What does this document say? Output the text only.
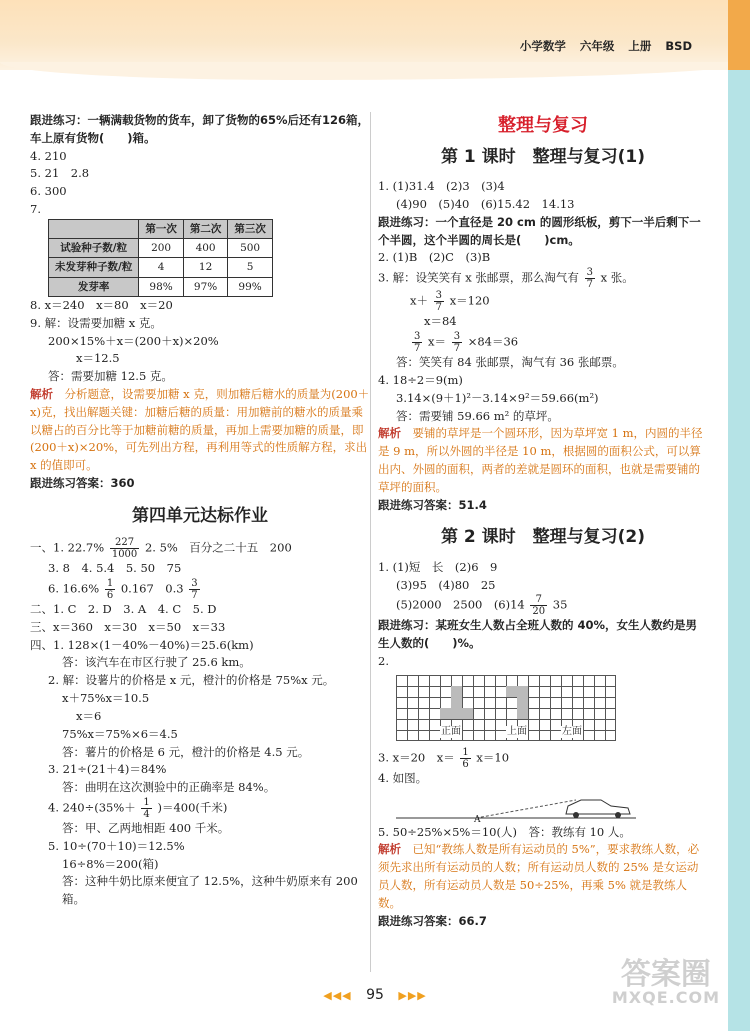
小学数学 六年级 上册 BSD

跟进练习：一辆满载货物的货车，卸了货物的65%后还有126箱，车上原有货物(　　)箱。

4. 210

5. 21　2.8

6. 300

7.

	第一次	第二次	第三次
试验种子数/粒	200	400	500
未发芽种子数/粒	4	12	5
发芽率	98%	97%	99%

8. x＝240　x＝80　x＝20

9. 解：设需要加糖 x 克。

200×15%＋x＝(200＋x)×20%

x＝12.5

答：需要加糖 12.5 克。

解析　 分析题意，设需要加糖 x 克，则加糖后糖水的质量为(200＋x)克，找出解题关键：加糖后糖的质量：用加糖前的糖水的质量乘以糖占的百分比等于加糖前糖的质量，再加上需要加糖的质量，即(200＋x)×20%，可先列出方程，再利用等式的性质解方程，求出 x 的值即可。

跟进练习答案：360

第四单元达标作业

一、1. $22.7\% \frac{227}{1000} 2$. 5%　百分之二十五　200

3. 8　4. 5.4　5. 50　75

6. $16.6\% \frac{1}{6} 0.167$　$0.3 \frac{3}{7}$

二、1. C　2. D　3. A　4. C　5. D

三、x＝360　x＝30　x＝50　x＝33

四、1. 128×(1－40%－40%)＝25.6(km)

答：该汽车在市区行驶了 25.6 km。

2. 解：设薯片的价格是 x 元，橙汁的价格是 75%x 元。

x＋75%x＝10.5

x＝6

75%x＝75%×6＝4.5

答：薯片的价格是 6 元，橙汁的价格是 4.5 元。

3. 21÷(21＋4)＝84%

答：曲明在这次测验中的正确率是 84%。

4. $240\div(35\%+ \frac{1}{4} )=400$(千米)

答：甲、乙两地相距 400 千米。

5. 10÷(70＋10)＝12.5%

16÷8%＝200(箱)

答：这种牛奶比原来便宜了 12.5%，这种牛奶原来有 200 箱。

整理与复习
第 1 课时　整理与复习(1)

1. (1)31.4　(2)3　(3)4

(4)90　(5)40　(6)15.42　14.13

跟进练习：一个直径是 20 cm 的圆形纸板，剪下一半后剩下一个半圆，这个半圆的周长是(　　)cm。

2. (1)B　(2)C　(3)B

3. 解：设笑笑有 x 张邮票，那么淘气有 $\frac{3}{7}$ x 张。

$x+ \frac{3}{7} x=120$

x＝84

$\frac{3}{7} x= \frac{3}{7} \times 84=36$

答：笑笑有 84 张邮票，淘气有 36 张邮票。

4. 18÷2＝9(m)

3.14×(9＋1)²－3.14×9²＝59.66(m²)

答：需要铺 59.66 m² 的草坪。

解析　 要铺的草坪是一个圆环形，因为草坪宽 1 m，内圆的半径是 9 m，所以外圆的半径是 10 m，根据圆的面积公式，可以算出内、外圆的面积，两者的差就是圆环的面积，也就是需要铺的草坪的面积。

跟进练习答案：51.4

第 2 课时　整理与复习(2)

1. (1)短　长　(2)6　9

(3)95　(4)80　25

(5)2000　2500　$(6)14 \frac{7}{20} 35$

跟进练习：某班女生人数占全班人数的 40%，女生人数约是男生人数的(　　)%。

2.

正面	上面	左面

3. x＝20　$x= \frac{1}{6} x=10$

4. 如图。

A

5. 50÷25%×5%＝10(人)　答：教练有 10 人。

解析　 已知“教练人数是所有运动员的 5%”，要求教练人数，必须先求出所有运动员的人数；所有运动员人数的 25% 是女运动员人数，所有运动员人数是 50÷25%，再乘 5% 就是教练人数。

跟进练习答案：66.7

◀◀◀ 95 ▶▶▶
答案圈
MXQE.COM
